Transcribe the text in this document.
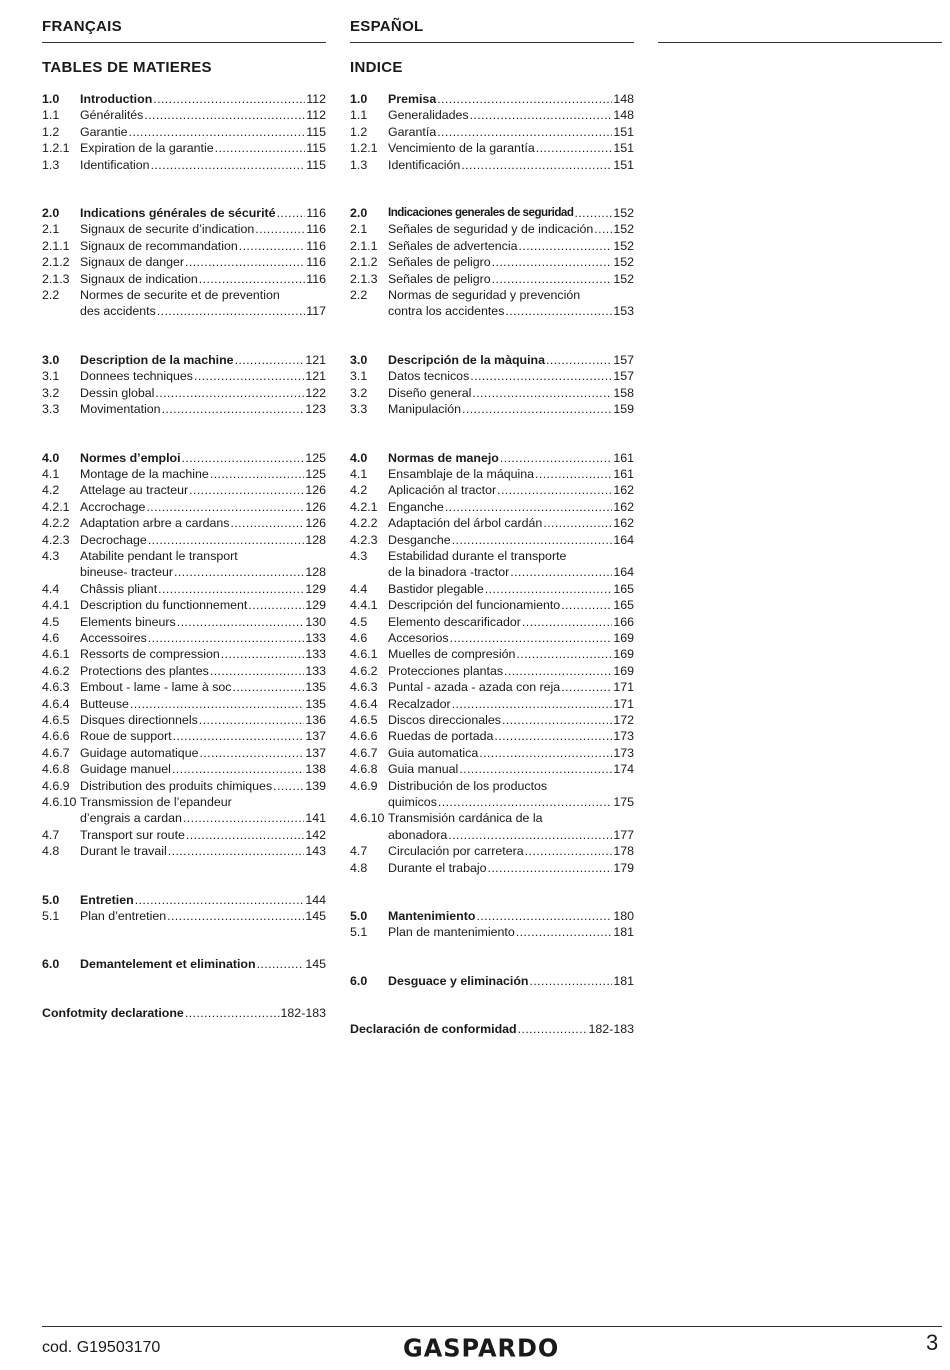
FRANÇAIS
TABLES DE MATIERES
1.0	Introduction .....	112
1.1	Généralités .....	112
1.2	Garantie .....	115
1.2.1 Expiration de la garantie .....	115
1.3	Identification .....	115
2.0	Indications générales de sécurité ..... 116
2.1	Signaux de securite d’indication .....	116
2.1.1 Signaux de recommandation .....	116
2.1.2 Signaux de danger .....	116
2.1.3 Signaux de indication .....	116
2.2	Normes de securite et de prevention
des accidents .....	117
3.0	Description de la machine .....	121
3.1	Donnees techniques .....	121
3.2	Dessin global .....	122
3.3	Movimentation .....	123
4.0	Normes d’emploi .....	125
4.1	Montage de la machine .....	125
4.2	Attelage au tracteur .....	126
4.2.1 Accrochage .....	126
4.2.2 Adaptation arbre a cardans .....	126
4.2.3 Decrochage .....	128
4.3	Atabilite pendant le transport
bineuse- tracteur .....	128
4.4	Châssis pliant .....	129
4.4.1 Description du functionnement .....	129
4.5	Elements bineurs .....	130
4.6	Accessoires .....	133
4.6.1 Ressorts de compression .....	133
4.6.2 Protections des plantes .....	133
4.6.3 Embout - lame - lame à soc .....	135
4.6.4 Butteuse .....	135
4.6.5 Disques directionnels .....	136
4.6.6 Roue de support .....	137
4.6.7 Guidage automatique .....	137
4.6.8 Guidage manuel .....	138
4.6.9 Distribution des produits chimiques .....	139
4.6.10 Transmission de l’epandeur
d’engrais a cardan .....	141
4.7	Transport sur route .....	142
4.8	Durant le travail .....	143
5.0	Entretien .....	144
5.1	Plan d’entretien .....	145
6.0	Demantelement et elimination .....	145
Confotmity declaratione .....	182-183
ESPAÑOL
INDICE
1.0	Premisa .....	148
1.1	Generalidades .....	148
1.2	Garantía .....	151
1.2.1 Vencimiento de la garantía .....	151
1.3	Identificación .....	151
2.0	Indicaciones generales de seguridad .....	152
2.1	Señales de seguridad y de indicación ..... 152
2.1.1 Señales de advertencia .....	152
2.1.2 Señales de peligro .....	152
2.1.3 Señales de peligro .....	152
2.2	Normas de seguridad y prevención
contra los accidentes .....	153
3.0	Descripción de la màquina .....	157
3.1	Datos tecnicos .....	157
3.2	Diseño general .....	158
3.3	Manipulación .....	159
4.0	Normas de manejo .....	161
4.1	Ensamblaje de la máquina .....	161
4.2	Aplicación al tractor .....	162
4.2.1 Enganche .....	162
4.2.2 Adaptación del árbol cardán .....	162
4.2.3 Desganche .....	164
4.3	Estabilidad durante el transporte
de la binadora -tractor .....	164
4.4	Bastidor plegable .....	165
4.4.1 Descripción del funcionamiento .....	165
4.5	Elemento descarificador .....	166
4.6	Accesorios .....	169
4.6.1 Muelles de compresión .....	169
4.6.2 Protecciones plantas .....	169
4.6.3 Puntal - azada - azada con reja .....	171
4.6.4 Recalzador .....	171
4.6.5 Discos direccionales .....	172
4.6.6 Ruedas de portada .....	173
4.6.7 Guia automatica .....	173
4.6.8 Guia manual .....	174
4.6.9 Distribución de los productos
quimicos .....	175
4.6.10 Transmisión cardánica de la
abonadora .....	177
4.7	Circulación por carretera .....	178
4.8	Durante el trabajo .....	179
5.0	Mantenimiento .....	180
5.1	Plan de mantenimiento .....	181
6.0	Desguace y eliminación .....	181
Declaración de conformidad .....	182-183
cod. G19503170	GASPARDO	3
